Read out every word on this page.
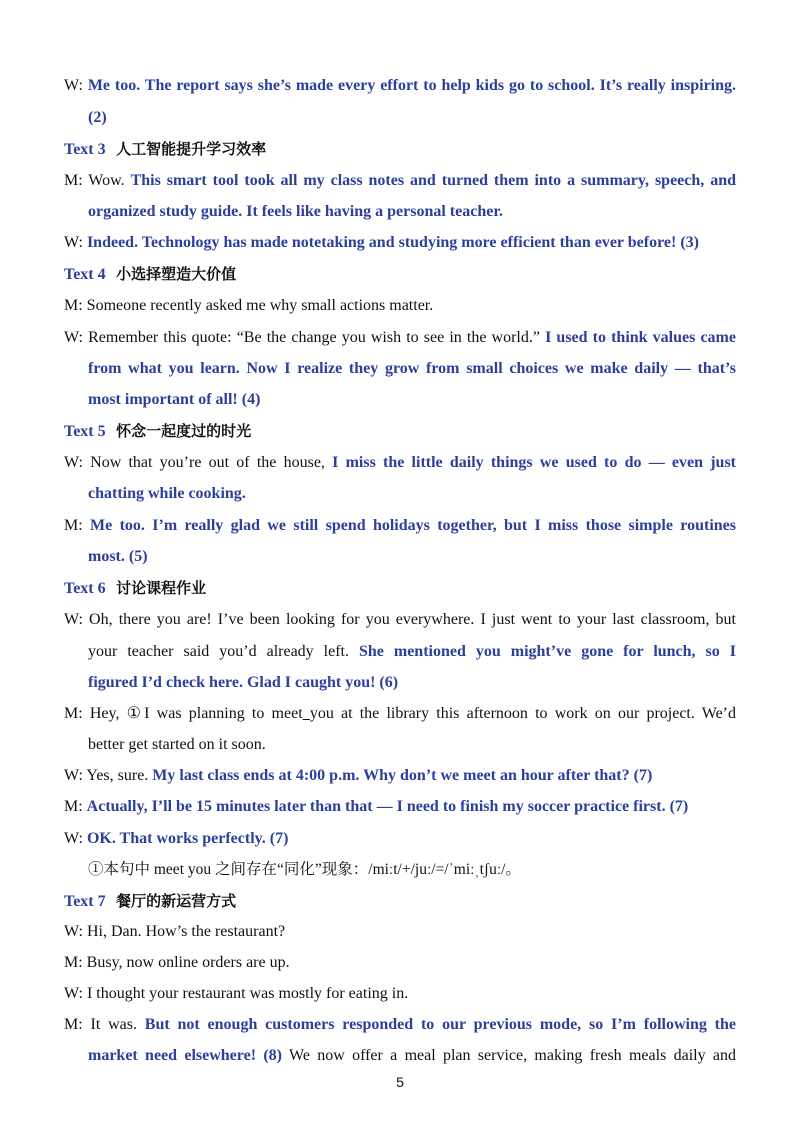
W: Me too. The report says she’s made every effort to help kids go to school. It’s really inspiring.
(2)
Text 3  人工智能提升学习效率
M: Wow. This smart tool took all my class notes and turned them into a summary, speech, and
organized study guide. It feels like having a personal teacher.
W: Indeed. Technology has made notetaking and studying more efficient than ever before! (3)
Text 4  小选择塑造大价值
M: Someone recently asked me why small actions matter.
W: Remember this quote: “Be the change you wish to see in the world.” I used to think values came
from what you learn. Now I realize they grow from small choices we make daily — that’s
most important of all! (4)
Text 5  怀念一起度过的时光
W: Now that you’re out of the house, I miss the little daily things we used to do — even just
chatting while cooking.
M: Me too. I’m really glad we still spend holidays together, but I miss those simple routines
most. (5)
Text 6  讨论课程作业
W: Oh, there you are! I’ve been looking for you everywhere. I just went to your last classroom, but
your teacher said you’d already left. She mentioned you might’ve gone for lunch, so I
figured I’d check here. Glad I caught you! (6)
M: Hey, ①I was planning to meet you at the library this afternoon to work on our project. We’d
better get started on it soon.
W: Yes, sure. My last class ends at 4:00 p.m. Why don’t we meet an hour after that? (7)
M: Actually, I’ll be 15 minutes later than that — I need to finish my soccer practice first. (7)
W: OK. That works perfectly. (7)
①本句中 meet you 之间存在“同化”现象：/miːt/+/juː/=/ˈmiːˌtʃuː/。
Text 7  餐厅的新运营方式
W: Hi, Dan. How’s the restaurant?
M: Busy, now online orders are up.
W: I thought your restaurant was mostly for eating in.
M: It was. But not enough customers responded to our previous mode, so I’m following the
market need elsewhere! (8) We now offer a meal plan service, making fresh meals daily and
5
